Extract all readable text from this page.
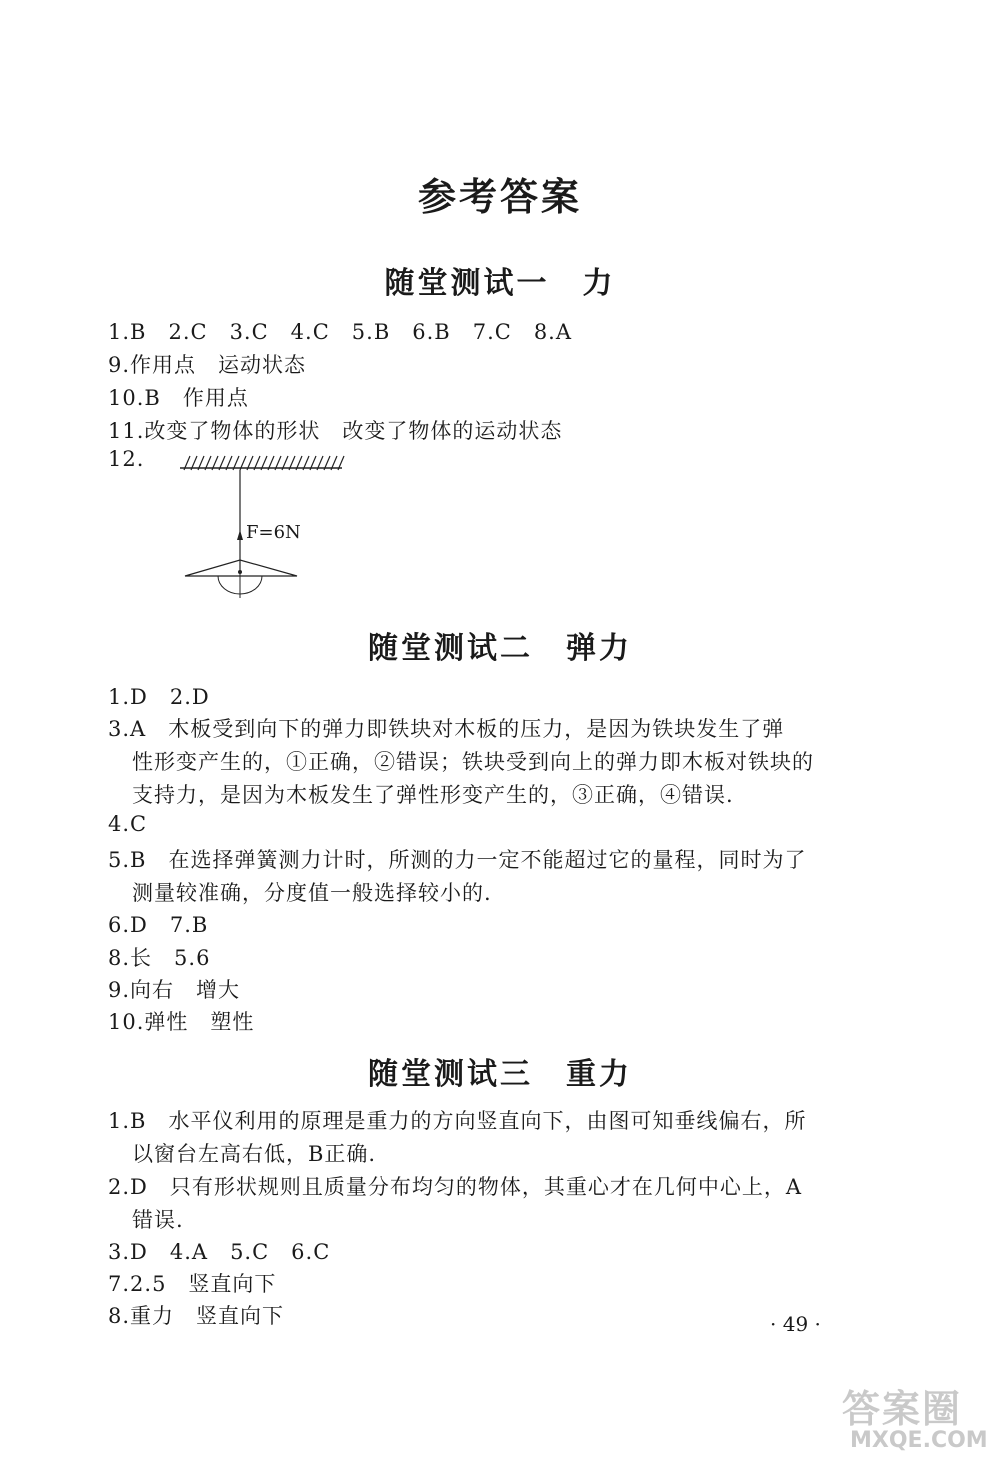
参考答案
随堂测试一　力
1.B　2.C　3.C　4.C　5.B　6.B　7.C　8.A
9.作用点　运动状态
10.B　作用点
11.改变了物体的形状　改变了物体的运动状态
12.
F=6N
随堂测试二　弹力
1.D　2.D
3.A　木板受到向下的弹力即铁块对木板的压力，是因为铁块发生了弹
性形变产生的，①正确，②错误；铁块受到向上的弹力即木板对铁块的
支持力，是因为木板发生了弹性形变产生的，③正确，④错误.
4.C
5.B　在选择弹簧测力计时，所测的力一定不能超过它的量程，同时为了
测量较准确，分度值一般选择较小的.
6.D　7.B
8.长　5.6
9.向右　增大
10.弹性　塑性
随堂测试三　重力
1.B　水平仪利用的原理是重力的方向竖直向下，由图可知垂线偏右，所
以窗台左高右低，B正确.
2.D　只有形状规则且质量分布均匀的物体，其重心才在几何中心上，A
错误.
3.D　4.A　5.C　6.C
7.2.5　竖直向下
8.重力　竖直向下	· 49 ·
答案圈
MXQE.COM
